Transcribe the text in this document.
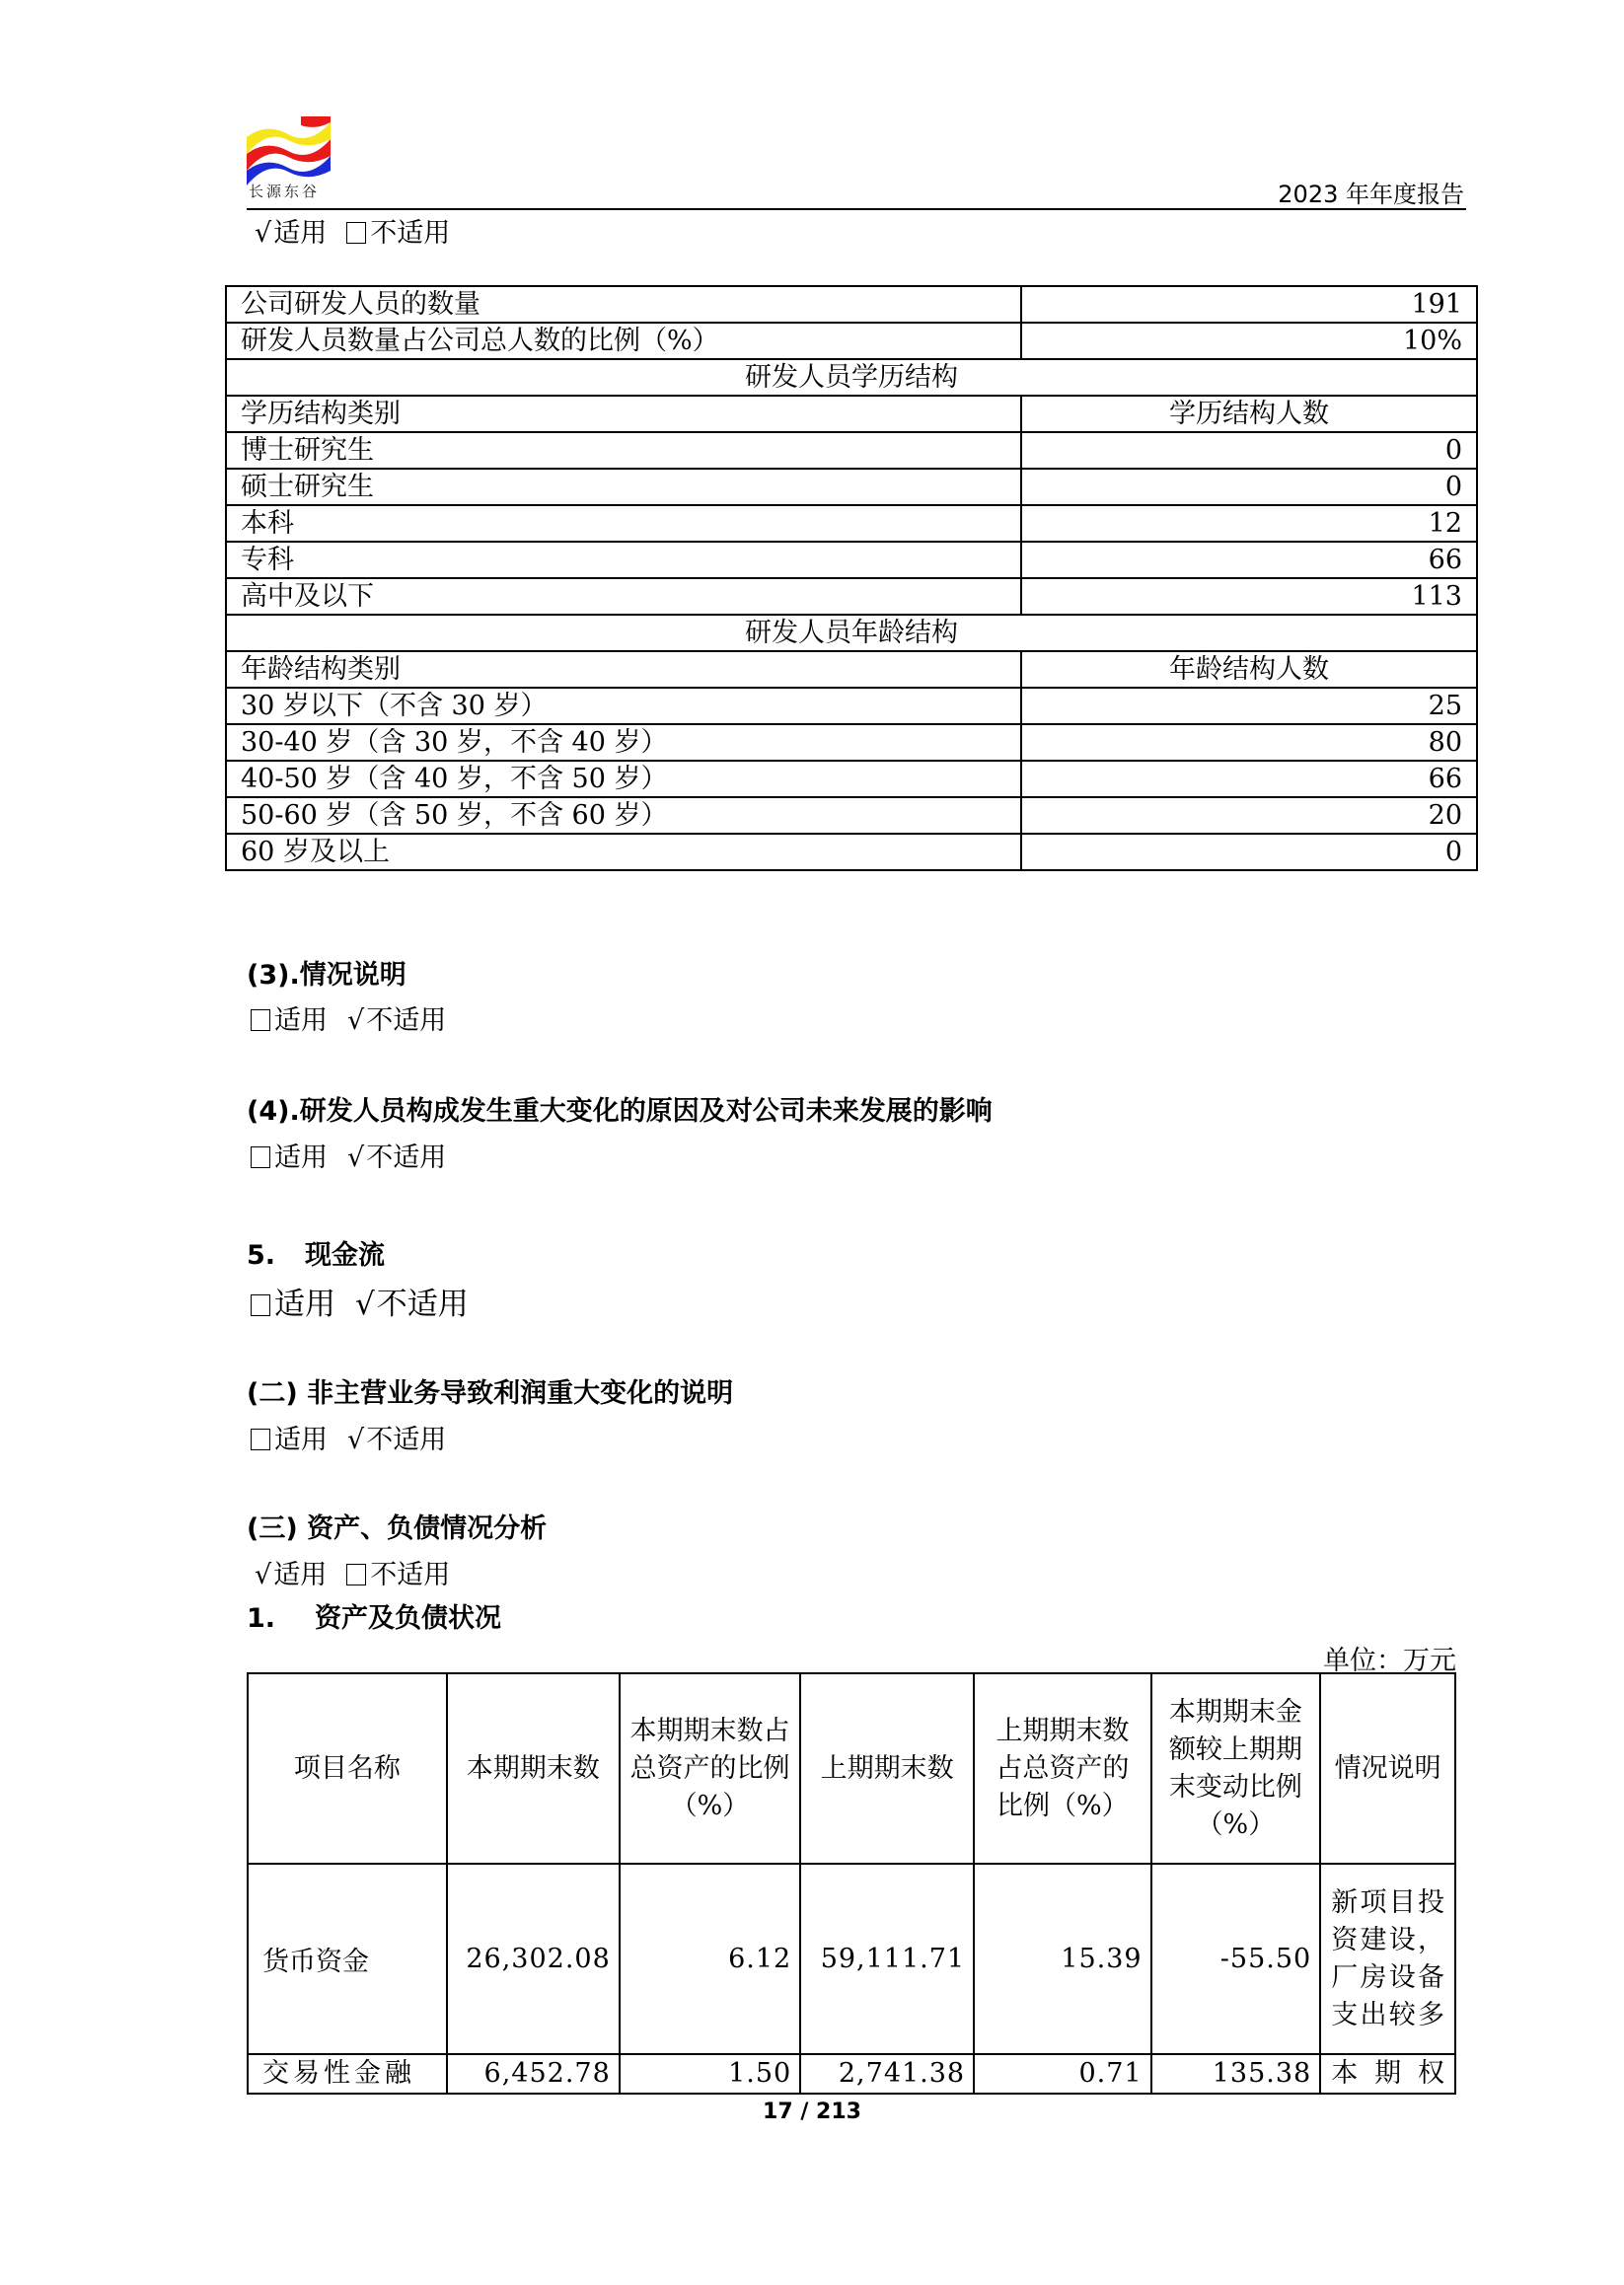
长源东谷	2023 年年度报告
√适用 不适用
公司研发人员的数量	191
研发人员数量占公司总人数的比例（%）	10%
研发人员学历结构	
学历结构类别	学历结构人数
博士研究生	0
硕士研究生	0
本科	12
专科	66
高中及以下	113
研发人员年龄结构	
年龄结构类别	年龄结构人数
30 岁以下（不含 30 岁）	25
30-40 岁（含 30 岁，不含 40 岁）	80
40-50 岁（含 40 岁，不含 50 岁）	66
50-60 岁（含 50 岁，不含 60 岁）	20
60 岁及以上	0
(3).情况说明
适用 √不适用
(4).研发人员构成发生重大变化的原因及对公司未来发展的影响
适用 √不适用
5. 现金流
适用 √不适用
(二) 非主营业务导致利润重大变化的说明
适用 √不适用
(三) 资产、负债情况分析
√适用 不适用
1. 资产及负债状况
单位：万元
项目名称	本期期末数	本期期末数占总资产的比例（%）	上期期末数	上期期末数占总资产的比例（%）	本期期末金额较上期期末变动比例（%）	情况说明
货币资金	26,302.08	6.12	59,111.71	15.39	-55.50	新项目投资建设，厂房设备支出较多
交易性金融	6,452.78	1.50	2,741.38	0.71	135.38	本期权
17 / 213
